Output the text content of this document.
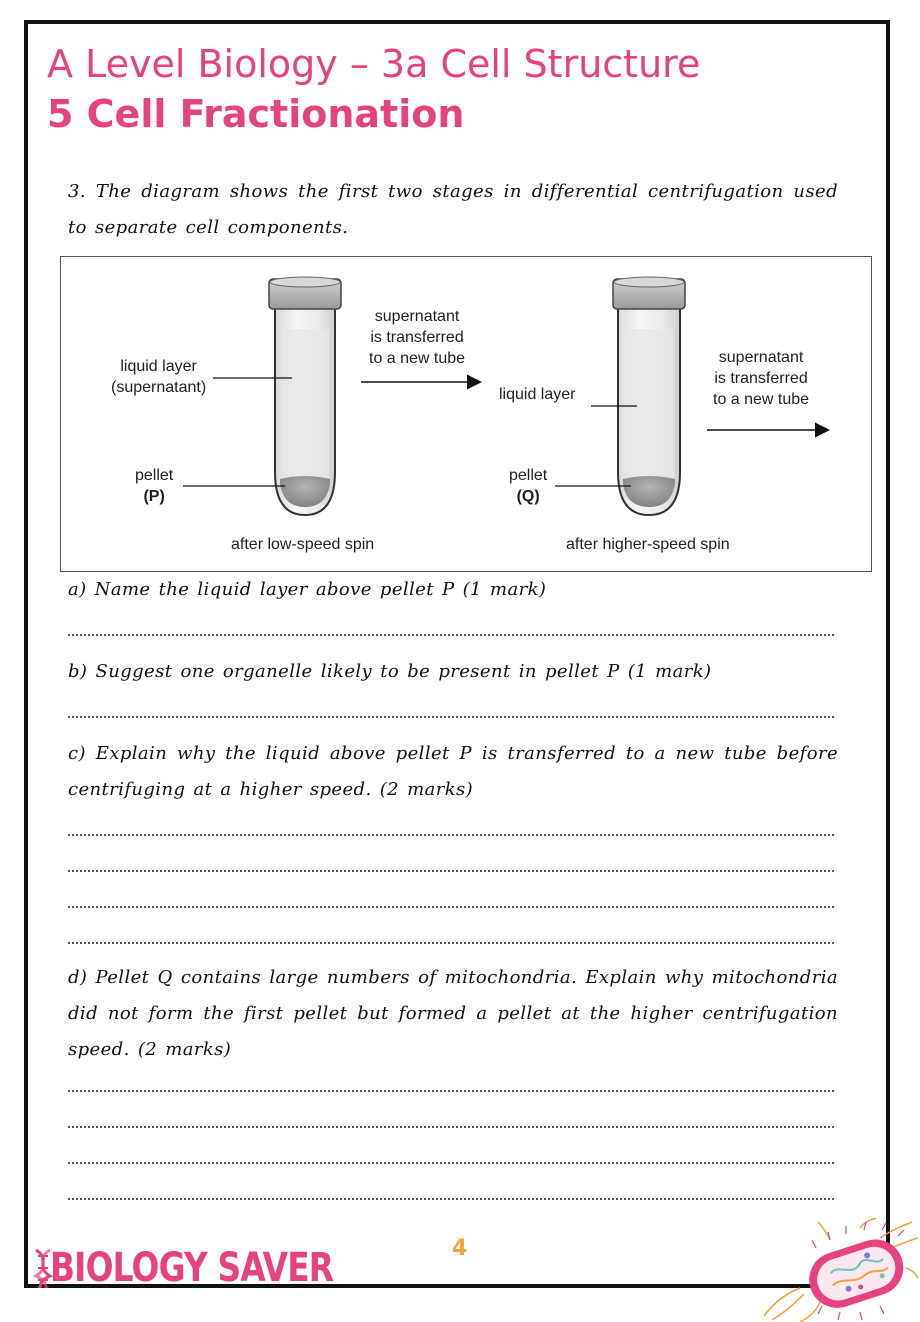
A Level Biology – 3a Cell Structure
5 Cell Fractionation

3. The diagram shows the first two stages in differential centrifugation used to separate cell components.

liquid layer
(supernatant)
pellet
(P)
after low-speed spin
supernatant
is transferred
to a new tube
liquid layer
pellet
(Q)
after higher-speed spin
supernatant
is transferred
to a new tube

a) Name the liquid layer above pellet P (1 mark)

b) Suggest one organelle likely to be present in pellet P (1 mark)

c) Explain why the liquid above pellet P is transferred to a new tube before centrifuging at a higher speed. (2 marks)

d) Pellet Q contains large numbers of mitochondria. Explain why mitochondria did not form the first pellet but formed a pellet at the higher centrifugation speed. (2 marks)

BIOLOGY SAVER	4
